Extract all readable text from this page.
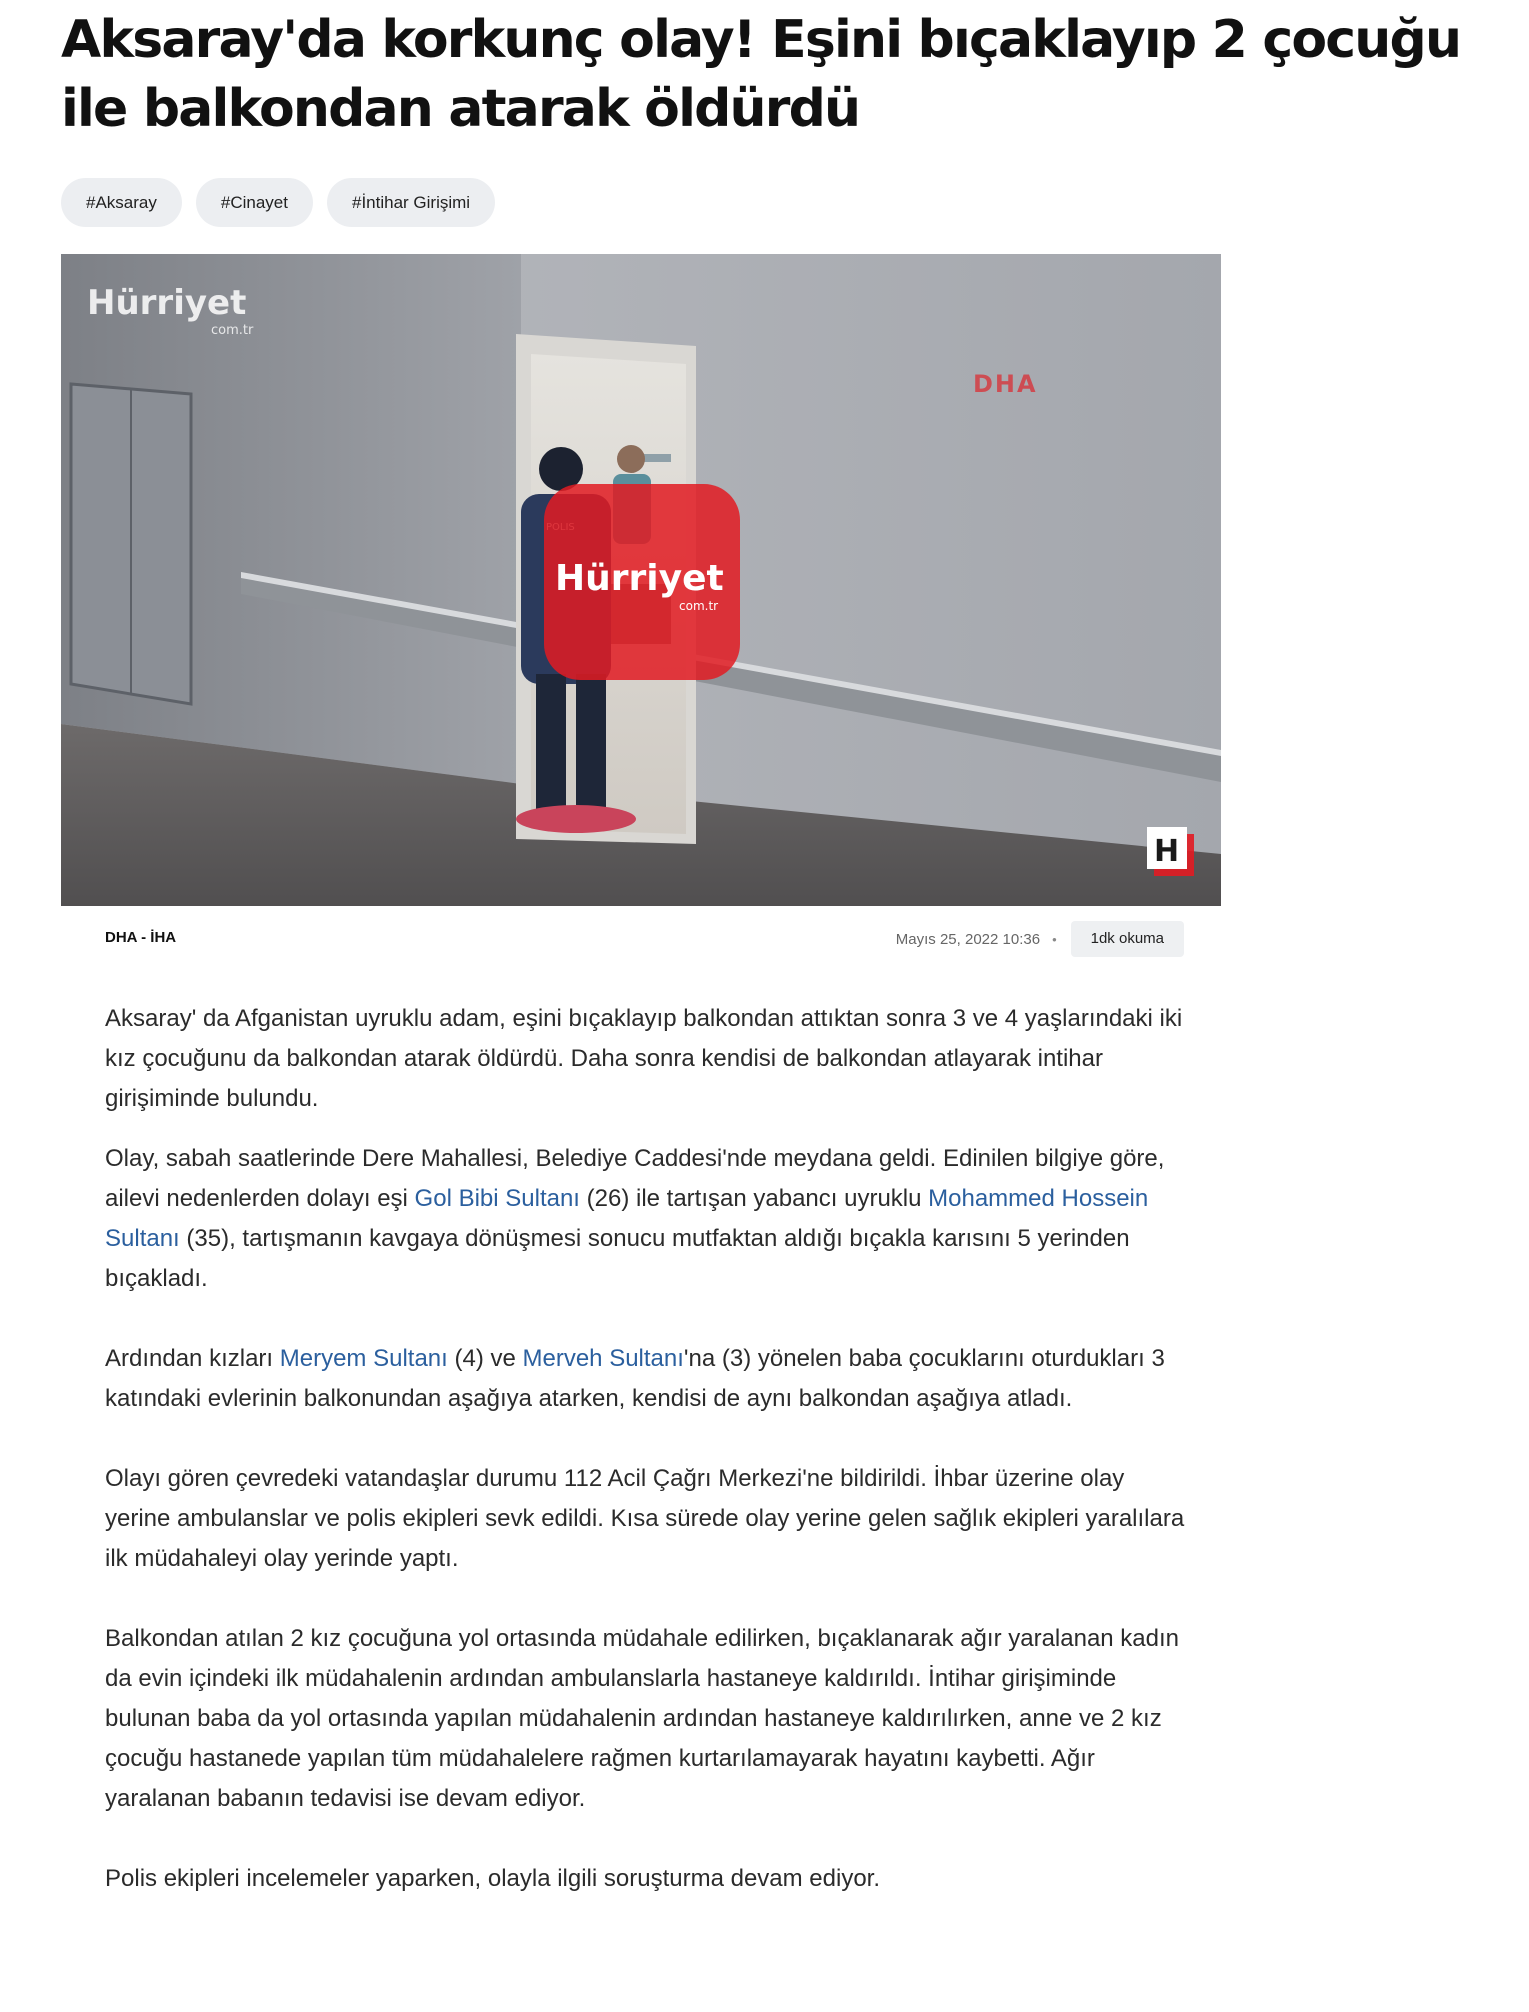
Aksaray'da korkunç olay! Eşini bıçaklayıp 2 çocuğu ile balkondan atarak öldürdü
#Aksaray	#Cinayet	#İntihar Girişimi
Hürriyet
com.tr
DHA
Hürriyet
com.tr
H
DHA - İHA	Mayıs 25, 2022 10:36 •	1dk okuma

Aksaray' da Afganistan uyruklu adam, eşini bıçaklayıp balkondan attıktan sonra 3 ve 4 yaşlarındaki iki kız çocuğunu da balkondan atarak öldürdü. Daha sonra kendisi de balkondan atlayarak intihar girişiminde bulundu.

Olay, sabah saatlerinde Dere Mahallesi, Belediye Caddesi'nde meydana geldi. Edinilen bilgiye göre, ailevi nedenlerden dolayı eşi Gol Bibi Sultanı (26) ile tartışan yabancı uyruklu Mohammed Hossein Sultanı (35), tartışmanın kavgaya dönüşmesi sonucu mutfaktan aldığı bıçakla karısını 5 yerinden bıçakladı.

Ardından kızları Meryem Sultanı (4) ve Merveh Sultanı'na (3) yönelen baba çocuklarını oturdukları 3 katındaki evlerinin balkonundan aşağıya atarken, kendisi de aynı balkondan aşağıya atladı.

Olayı gören çevredeki vatandaşlar durumu 112 Acil Çağrı Merkezi'ne bildirildi. İhbar üzerine olay yerine ambulanslar ve polis ekipleri sevk edildi. Kısa sürede olay yerine gelen sağlık ekipleri yaralılara ilk müdahaleyi olay yerinde yaptı.

Balkondan atılan 2 kız çocuğuna yol ortasında müdahale edilirken, bıçaklanarak ağır yaralanan kadın da evin içindeki ilk müdahalenin ardından ambulanslarla hastaneye kaldırıldı. İntihar girişiminde bulunan baba da yol ortasında yapılan müdahalenin ardından hastaneye kaldırılırken, anne ve 2 kız çocuğu hastanede yapılan tüm müdahalelere rağmen kurtarılamayarak hayatını kaybetti. Ağır yaralanan babanın tedavisi ise devam ediyor.

Polis ekipleri incelemeler yaparken, olayla ilgili soruşturma devam ediyor.
